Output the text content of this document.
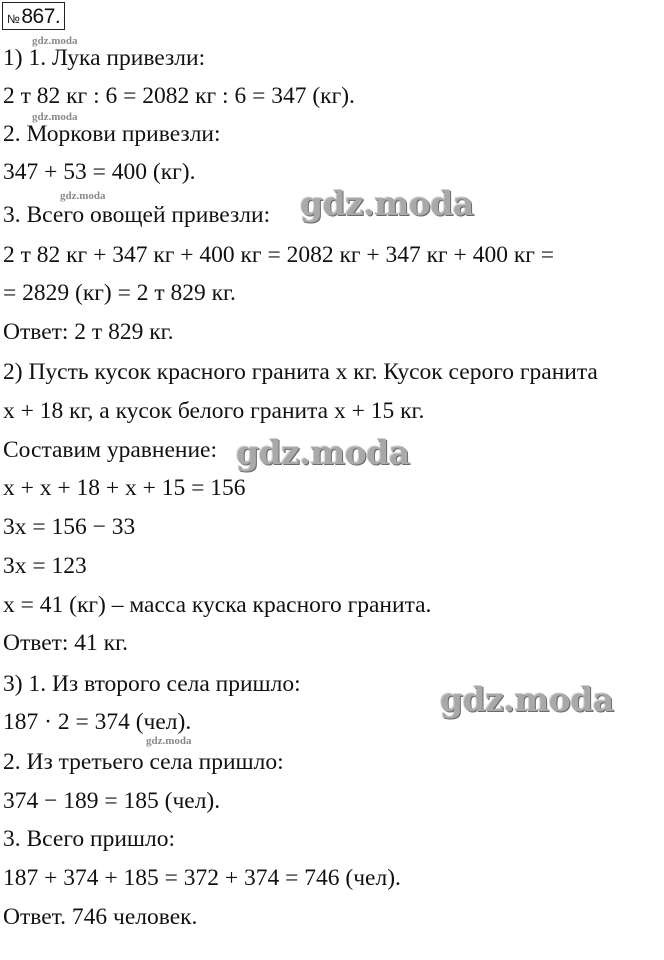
№ 867.
1) 1. Лука привезли:
2 т 82 кг : 6 = 2082 кг : 6 = 347 (кг).
2. Моркови привезли:
347 + 53 = 400 (кг).
3. Всего овощей привезли:
2 т 82 кг + 347 кг + 400 кг = 2082 кг + 347 кг + 400 кг =
= 2829 (кг) = 2 т 829 кг.
Ответ: 2 т 829 кг.
2) Пусть кусок красного гранита x кг. Кусок серого гранита
x + 18 кг, а кусок белого гранита x + 15 кг.
Составим уравнение:
x + x + 18 + x + 15 = 156
3x = 156 − 33
3x = 123
x = 41 (кг) – масса куска красного гранита.
Ответ: 41 кг.
3) 1. Из второго села пришло:
187 · 2 = 374 (чел).
2. Из третьего села пришло:
374 − 189 = 185 (чел).
3. Всего пришло:
187 + 374 + 185 = 372 + 374 = 746 (чел).
Ответ. 746 человек.
gdz.moda
gdz.moda
gdz.moda
gdz.moda
gdz.moda
gdz.moda
gdz.moda
